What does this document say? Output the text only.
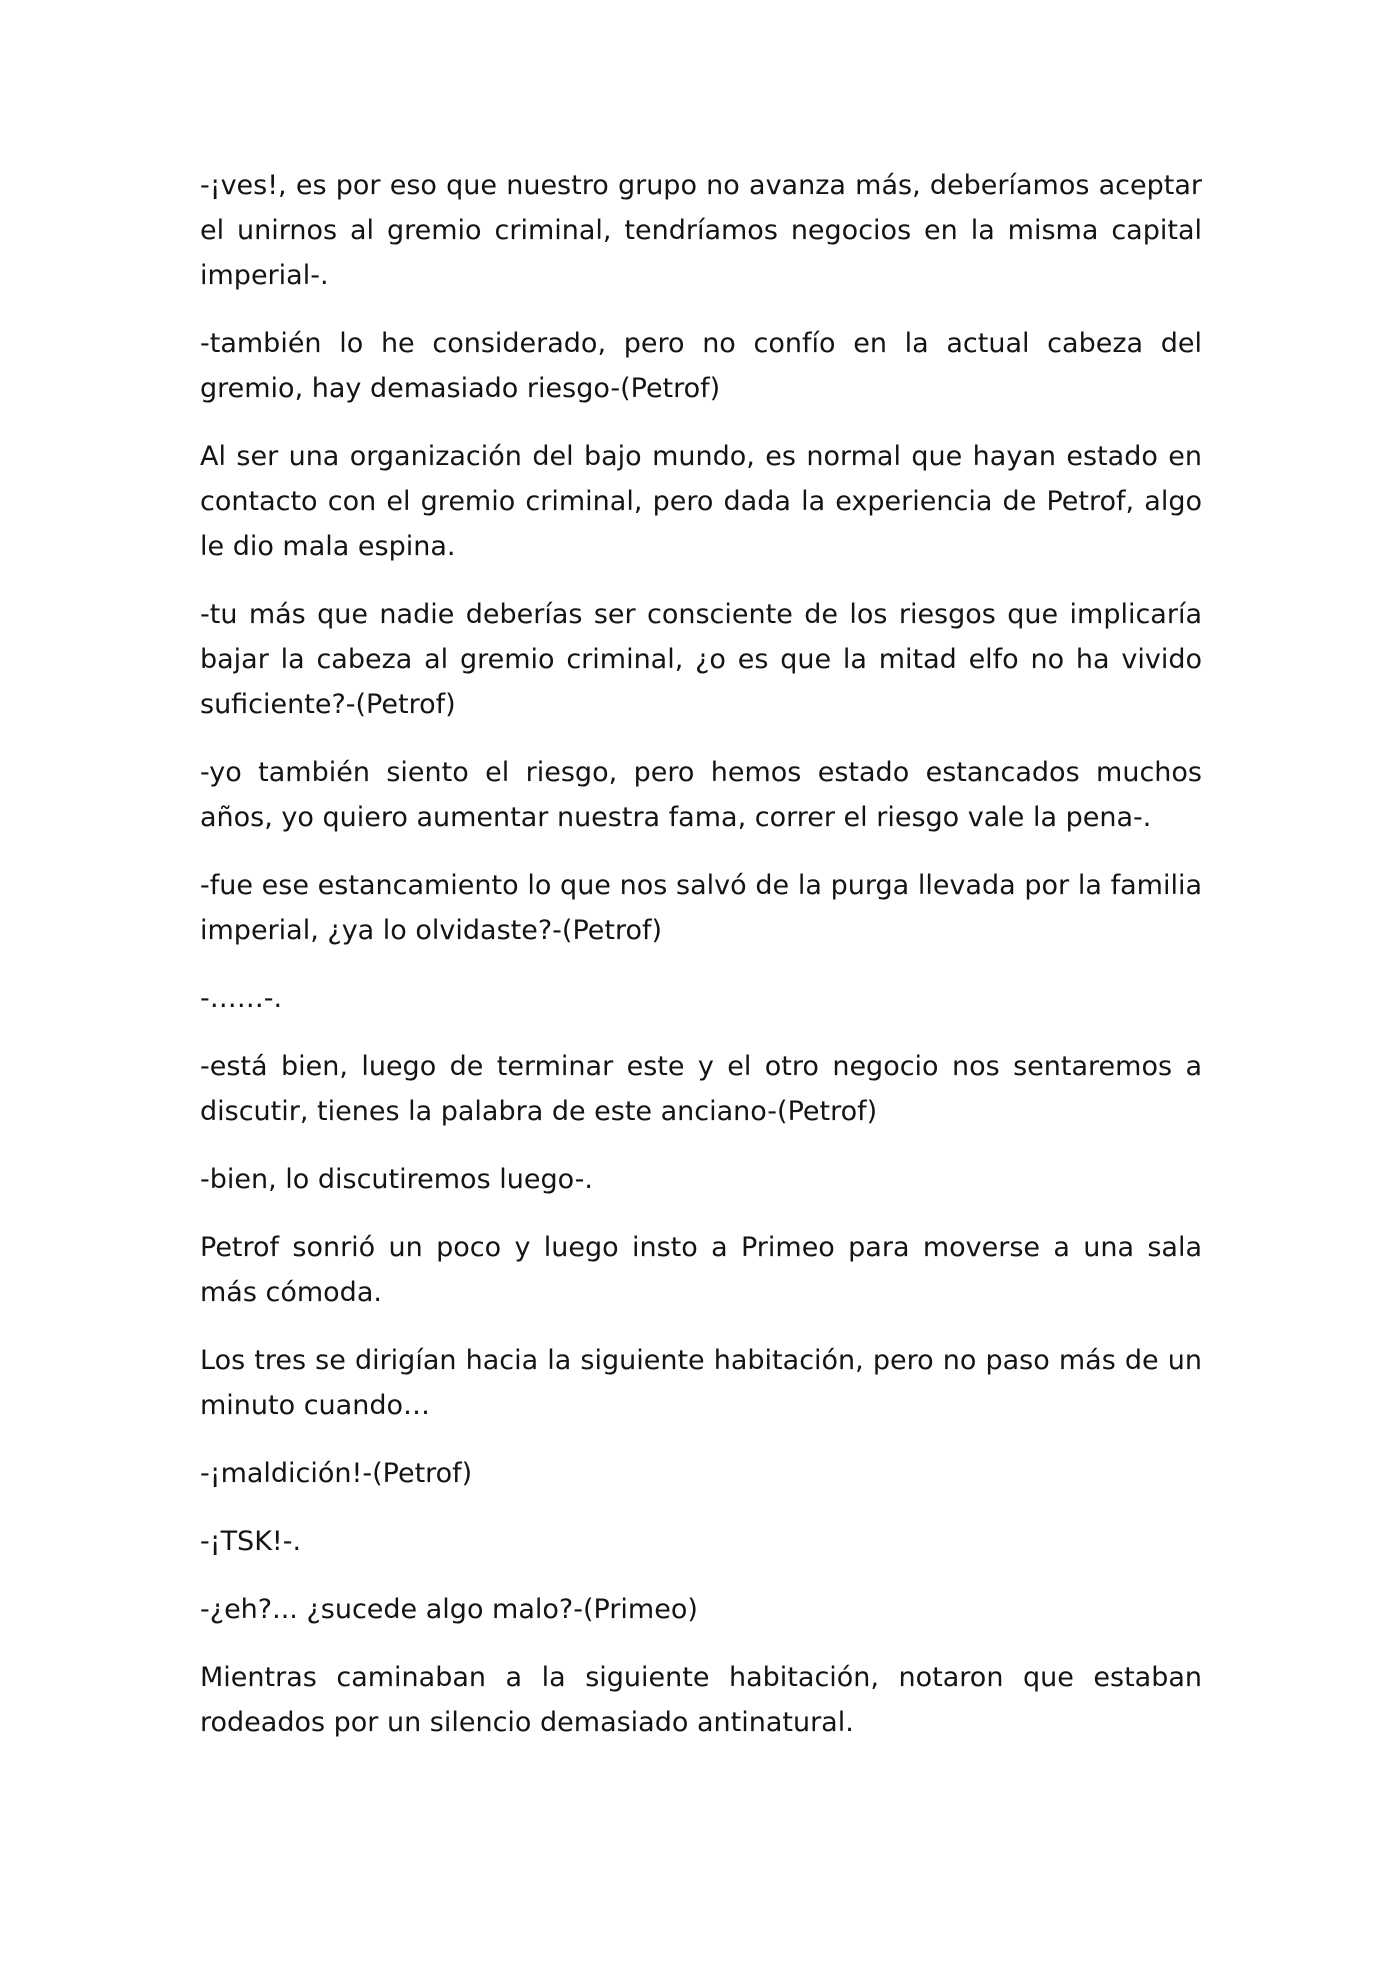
-¡ves!, es por eso que nuestro grupo no avanza más, deberíamos aceptar el unirnos al gremio criminal, tendríamos negocios en la misma capital imperial-.

-también lo he considerado, pero no confío en la actual cabeza del gremio, hay demasiado riesgo-(Petrof)

Al ser una organización del bajo mundo, es normal que hayan estado en contacto con el gremio criminal, pero dada la experiencia de Petrof, algo le dio mala espina.

-tu más que nadie deberías ser consciente de los riesgos que implicaría bajar la cabeza al gremio criminal, ¿o es que la mitad elfo no ha vivido suficiente?-(Petrof)

-yo también siento el riesgo, pero hemos estado estancados muchos años, yo quiero aumentar nuestra fama, correr el riesgo vale la pena-.

-fue ese estancamiento lo que nos salvó de la purga llevada por la familia imperial, ¿ya lo olvidaste?-(Petrof)

-……-.

-está bien, luego de terminar este y el otro negocio nos sentaremos a discutir, tienes la palabra de este anciano-(Petrof)

-bien, lo discutiremos luego-.

Petrof sonrió un poco y luego insto a Primeo para moverse a una sala más cómoda.

Los tres se dirigían hacia la siguiente habitación, pero no paso más de un minuto cuando…

-¡maldición!-(Petrof)

-¡TSK!-.

-¿eh?... ¿sucede algo malo?-(Primeo)

Mientras caminaban a la siguiente habitación, notaron que estaban rodeados por un silencio demasiado antinatural.
